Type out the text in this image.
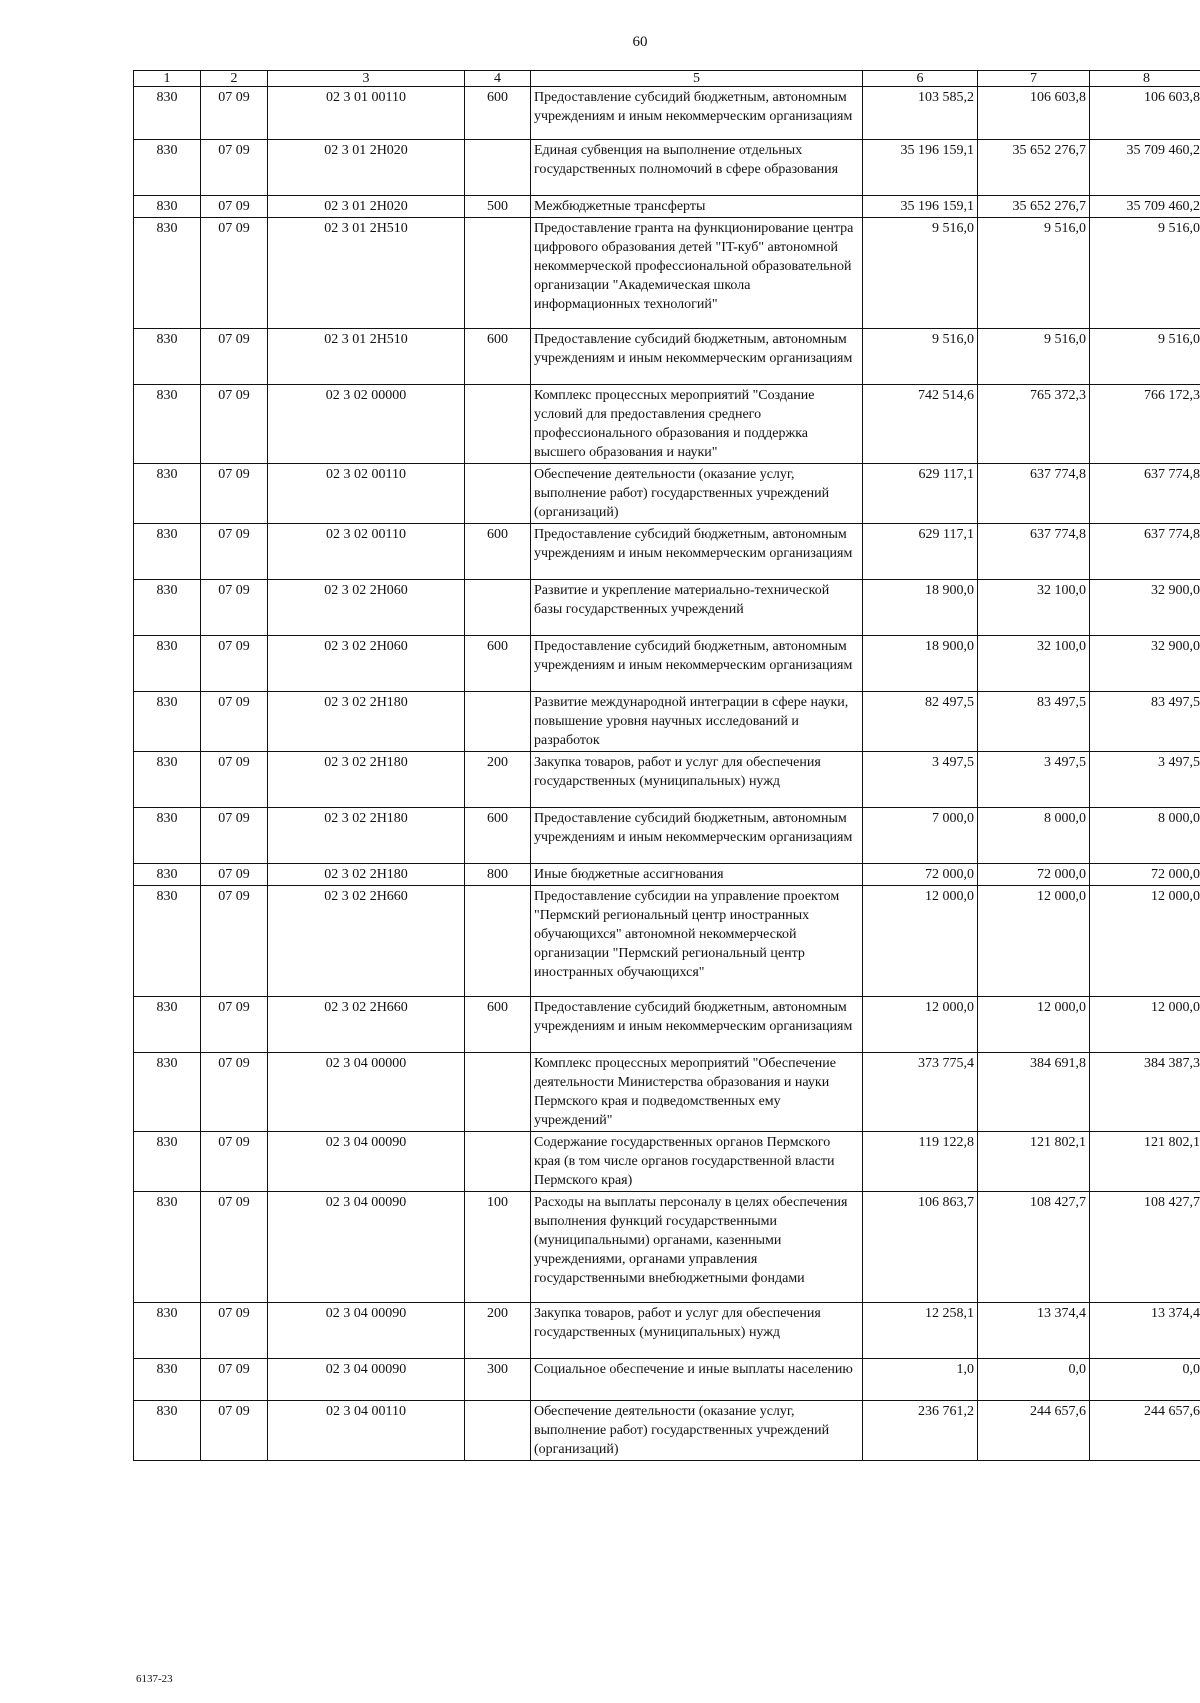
60
1	2	3	4	5	6	7	8
830	07 09	02 3 01 00110	600	Предоставление субсидий бюджетным, автономным учреждениям и иным некоммерческим организациям	103 585,2	106 603,8	106 603,8
830	07 09	02 3 01 2Н020		Единая субвенция на выполнение отдельных государственных полномочий в сфере образования	35 196 159,1	35 652 276,7	35 709 460,2
830	07 09	02 3 01 2Н020	500	Межбюджетные трансферты	35 196 159,1	35 652 276,7	35 709 460,2
830	07 09	02 3 01 2Н510		Предоставление гранта на функционирование центра цифрового образования детей "IT-куб" автономной некоммерческой профессиональной образовательной организации "Академическая школа информационных технологий"	9 516,0	9 516,0	9 516,0
830	07 09	02 3 01 2Н510	600	Предоставление субсидий бюджетным, автономным учреждениям и иным некоммерческим организациям	9 516,0	9 516,0	9 516,0
830	07 09	02 3 02 00000		Комплекс процессных мероприятий "Создание условий для предоставления среднего профессионального образования и поддержка высшего образования и науки"	742 514,6	765 372,3	766 172,3
830	07 09	02 3 02 00110		Обеспечение деятельности (оказание услуг, выполнение работ) государственных учреждений (организаций)	629 117,1	637 774,8	637 774,8
830	07 09	02 3 02 00110	600	Предоставление субсидий бюджетным, автономным учреждениям и иным некоммерческим организациям	629 117,1	637 774,8	637 774,8
830	07 09	02 3 02 2Н060		Развитие и укрепление материально-технической базы государственных учреждений	18 900,0	32 100,0	32 900,0
830	07 09	02 3 02 2Н060	600	Предоставление субсидий бюджетным, автономным учреждениям и иным некоммерческим организациям	18 900,0	32 100,0	32 900,0
830	07 09	02 3 02 2Н180		Развитие международной интеграции в сфере науки, повышение уровня научных исследований и разработок	82 497,5	83 497,5	83 497,5
830	07 09	02 3 02 2Н180	200	Закупка товаров, работ и услуг для обеспечения государственных (муниципальных) нужд	3 497,5	3 497,5	3 497,5
830	07 09	02 3 02 2Н180	600	Предоставление субсидий бюджетным, автономным учреждениям и иным некоммерческим организациям	7 000,0	8 000,0	8 000,0
830	07 09	02 3 02 2Н180	800	Иные бюджетные ассигнования	72 000,0	72 000,0	72 000,0
830	07 09	02 3 02 2Н660		Предоставление субсидии на управление проектом "Пермский региональный центр иностранных обучающихся" автономной некоммерческой организации "Пермский региональный центр иностранных обучающихся"	12 000,0	12 000,0	12 000,0
830	07 09	02 3 02 2Н660	600	Предоставление субсидий бюджетным, автономным учреждениям и иным некоммерческим организациям	12 000,0	12 000,0	12 000,0
830	07 09	02 3 04 00000		Комплекс процессных мероприятий "Обеспечение деятельности Министерства образования и науки Пермского края и подведомственных ему учреждений"	373 775,4	384 691,8	384 387,3
830	07 09	02 3 04 00090		Содержание государственных органов Пермского края (в том числе органов государственной власти Пермского края)	119 122,8	121 802,1	121 802,1
830	07 09	02 3 04 00090	100	Расходы на выплаты персоналу в целях обеспечения выполнения функций государственными (муниципальными) органами, казенными учреждениями, органами управления государственными внебюджетными фондами	106 863,7	108 427,7	108 427,7
830	07 09	02 3 04 00090	200	Закупка товаров, работ и услуг для обеспечения государственных (муниципальных) нужд	12 258,1	13 374,4	13 374,4
830	07 09	02 3 04 00090	300	Социальное обеспечение и иные выплаты населению	1,0	0,0	0,0
830	07 09	02 3 04 00110		Обеспечение деятельности (оказание услуг, выполнение работ) государственных учреждений (организаций)	236 761,2	244 657,6	244 657,6
6137-23
